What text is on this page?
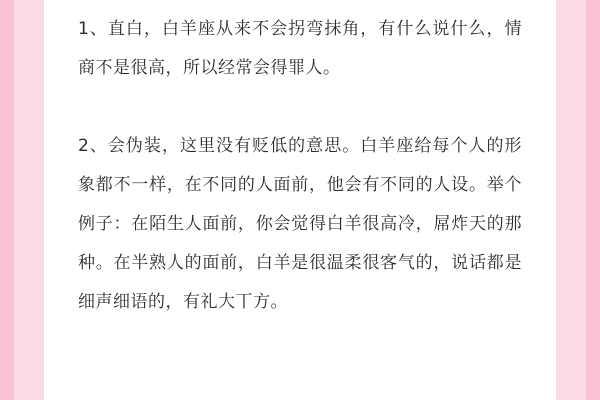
1、直白，白羊座从来不会拐弯抹角，有什么说什么，情商不是很高，所以经常会得罪人。

2、会伪装，这里没有贬低的意思。白羊座给每个人的形象都不一样，在不同的人面前，他会有不同的人设。举个例子：在陌生人面前，你会觉得白羊很高冷，屌炸天的那种。在半熟人的面前，白羊是很温柔很客气的，说话都是细声细语的，有礼大丅方。
